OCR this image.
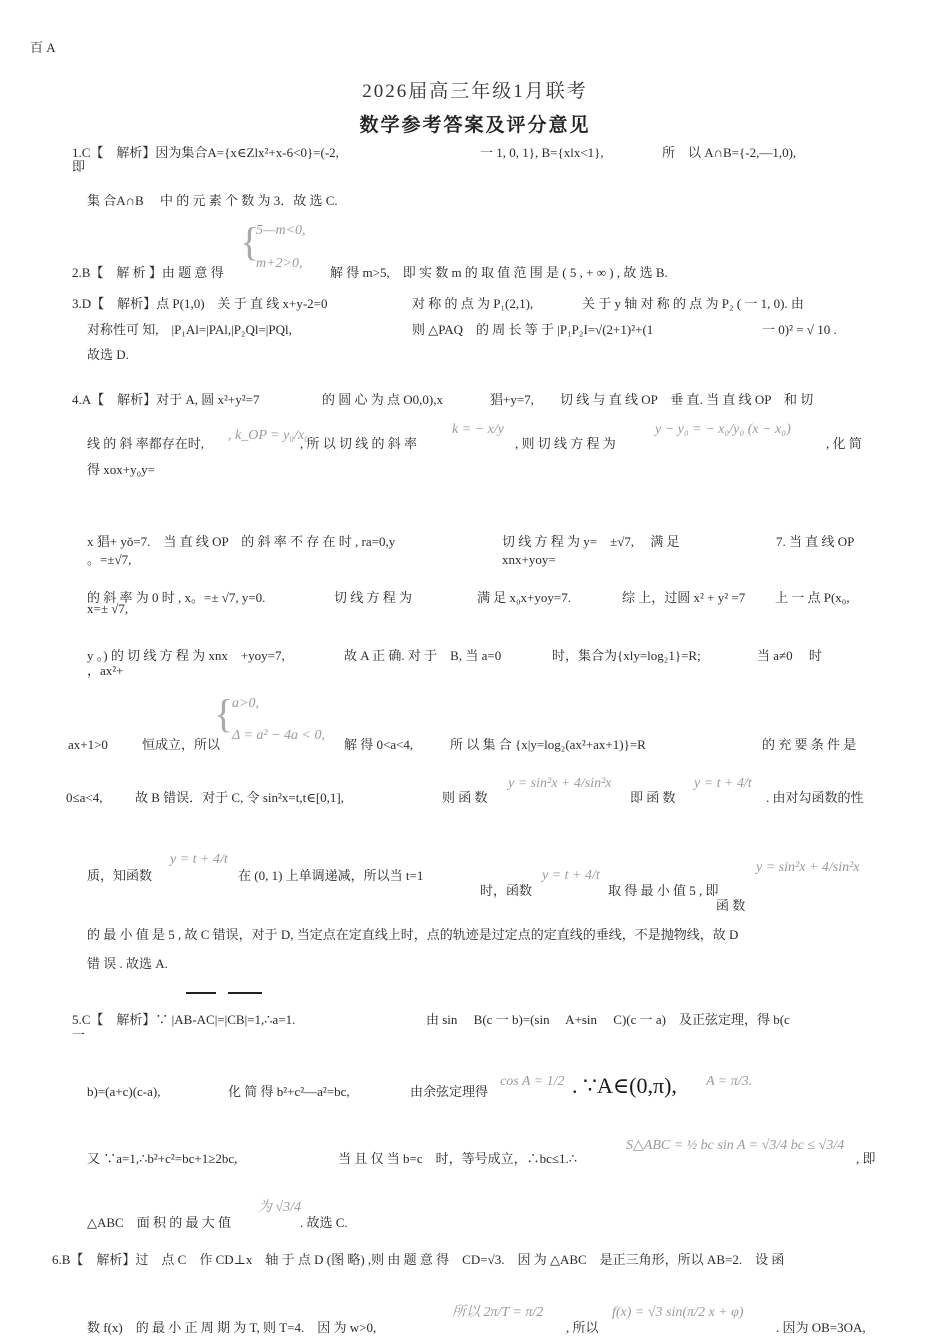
百 A
2026届高三年级1月联考
数学参考答案及评分意见
1.C【　解析】因为集合A={x∈Zlx²+x-6<0}=(-2,
即
一 1, 0, 1}, B={xlx<1},	所　以 A∩B={-2,—1,0),
集 合A∩B　 中 的 元 素 个 数 为 3．故 选 C.
{
5—m<0,
m+2>0,
2.B【　解 析 】由 题 意 得	解 得 m>5,　即 实 数 m 的 取 值 范 围 是 ( 5 , + ∞ ) , 故 选 B.
3.D【　解析】点 P(1,0)　关 于 直 线 x+y-2=0	对 称 的 点 为 P₁(2,1),	关 于 y 轴 对 称 的 点 为 P₂ ( 一 1, 0). 由
对称性可 知,　|P₁Al=|PAl,|P₂Ql=|PQl,	则 △PAQ　的 周 长 等 于 |P₁P₂I=√(2+1)²+(1	一 0)² = √ 10 .
故选 D.
4.A【　解析】对于 A, 圆 x²+y²=7	的 圆 心 为 点 O0,0),x	猖+y=7, 切 线 与 直 线 OP　垂 直. 当 直 线 OP　和 切
线 的 斜 率都存在时,
, k_OP = y₀/x₀
, 所 以 切 线 的 斜 率
k = − x/y
, 则 切 线 方 程 为
y − y₀ = − x₀/y₀ (x − x₀)
, 化 简
得 xox+y₀y=
x 猖+ yǒ=7.　当 直 线 OP　的 斜 率 不 存 在 时 , ra=0,y
。=±√7,
切 线 方 程 为 y=　±√7,　 满 足
xnx+yoy=
7. 当 直 线 OP
的 斜 率 为 0 时 , x。=± √7, y=0.
x=± √7,
切 线 方 程 为	满 足 x₀x+yoy=7.	综 上，过圆 x² + y² =7 上 一 点 P(x₀,
y 。) 的 切 线 方 程 为 xnx　+yoy=7,
，ax²+
故 A 正 确. 对 于　B, 当 a=0	时，集合为{xly=log₂1}=R;	当 a≠0　 时
{
a>0,
Δ = a² − 4a < 0,
ax+1>0	恒成立，所以	解 得 0<a<4,	所 以 集 合 {x|y=log₂(ax²+ax+1)}=R	的 充 要 条 件 是
0≤a<4,	故 B 错误．对于 C, 令 sin²x=t,t∈[0,1],	则 函 数
y = sin²x + 4/sin²x
即 函 数
y = t + 4/t
. 由对勾函数的性
质，知函数
y = t + 4/t
在 (0, 1) 上单调递减，所以当 t=1
时，函数
y = t + 4/t
取 得 最 小 值 5 , 即
函 数
y = sin²x + 4/sin²x
的 最 小 值 是 5 , 故 C 错误，对于 D, 当定点在定直线上时，点的轨迹是过定点的定直线的垂线，不是抛物线，故 D
错 误 . 故选 A.
5.C【　解析】∵ |AB-AC|=|CB|=1,∴a=1.
一
由 sin　 B(c 一 b)=(sin　 A+sin　 C)(c 一 a)　及正弦定理，得 b(c
b)=(a+c)(c-a),	化 简 得 b²+c²—a²=bc,	由余弦定理得
cos A = 1/2 . ∵A∈(0,π), A = π/3.
又 ∵a=1,∴b²+c²=bc+1≥2bc,	当 且 仅 当 b=c　时，等号成立，∴bc≤1.∴
S△ABC = ½ bc sin A = √3/4 bc ≤ √3/4
, 即
△ABC　面 积 的 最 大 值
为 √3/4
. 故选 C.
6.B【　解析】过　点 C　作 CD⊥x　轴 于 点 D (图 略) ,则 由 题 意 得　CD=√3.　因 为 △ABC　是正三角形，所以 AB=2.　设 函
数 f(x)　的 最 小 正 周 期 为 T, 则 T=4.　因 为 w>0,
所以 2π/T = π/2
, 所以
f(x) = √3 sin(π/2 x + φ)
. 因为 OB=3OA,
